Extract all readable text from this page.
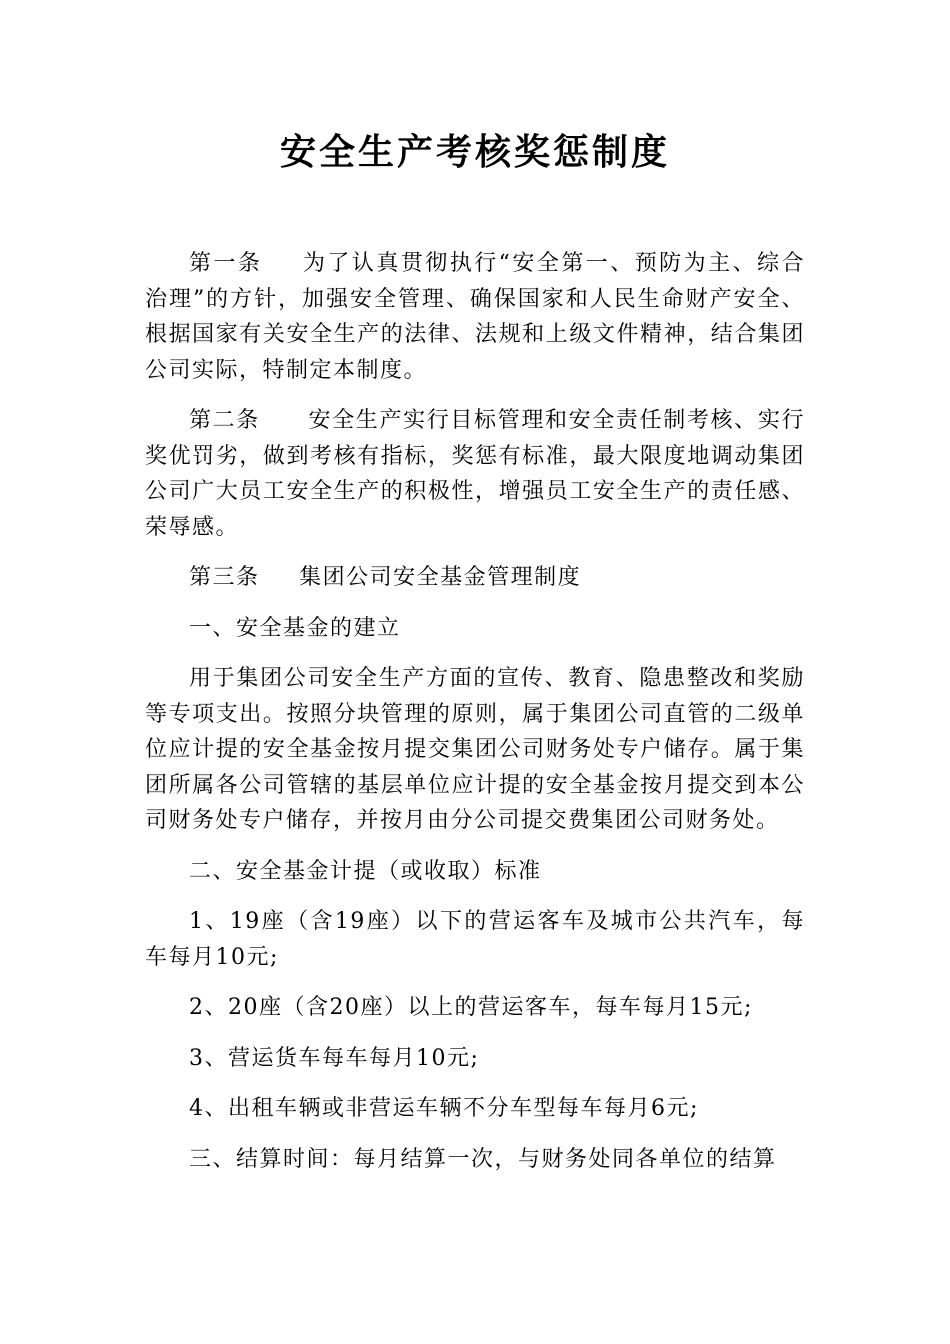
安全生产考核奖惩制度

第一条 为了认真贯彻执行“安全第一、预防为主、综合治理”的方针，加强安全管理、确保国家和人民生命财产安全、根据国家有关安全生产的法律、法规和上级文件精神，结合集团公司实际，特制定本制度。

第二条 安全生产实行目标管理和安全责任制考核、实行奖优罚劣，做到考核有指标，奖惩有标准，最大限度地调动集团公司广大员工安全生产的积极性，增强员工安全生产的责任感、荣辱感。

第三条 集团公司安全基金管理制度

一、安全基金的建立

用于集团公司安全生产方面的宣传、教育、隐患整改和奖励等专项支出。按照分块管理的原则，属于集团公司直管的二级单位应计提的安全基金按月提交集团公司财务处专户储存。属于集团所属各公司管辖的基层单位应计提的安全基金按月提交到本公司财务处专户储存，并按月由分公司提交费集团公司财务处。

二、安全基金计提（或收取）标准

1、19座（含19座）以下的营运客车及城市公共汽车，每车每月10元;

2、20座（含20座）以上的营运客车，每车每月15元;

3、营运货车每车每月10元;

4、出租车辆或非营运车辆不分车型每车每月6元;

三、结算时间：每月结算一次，与财务处同各单位的结算
